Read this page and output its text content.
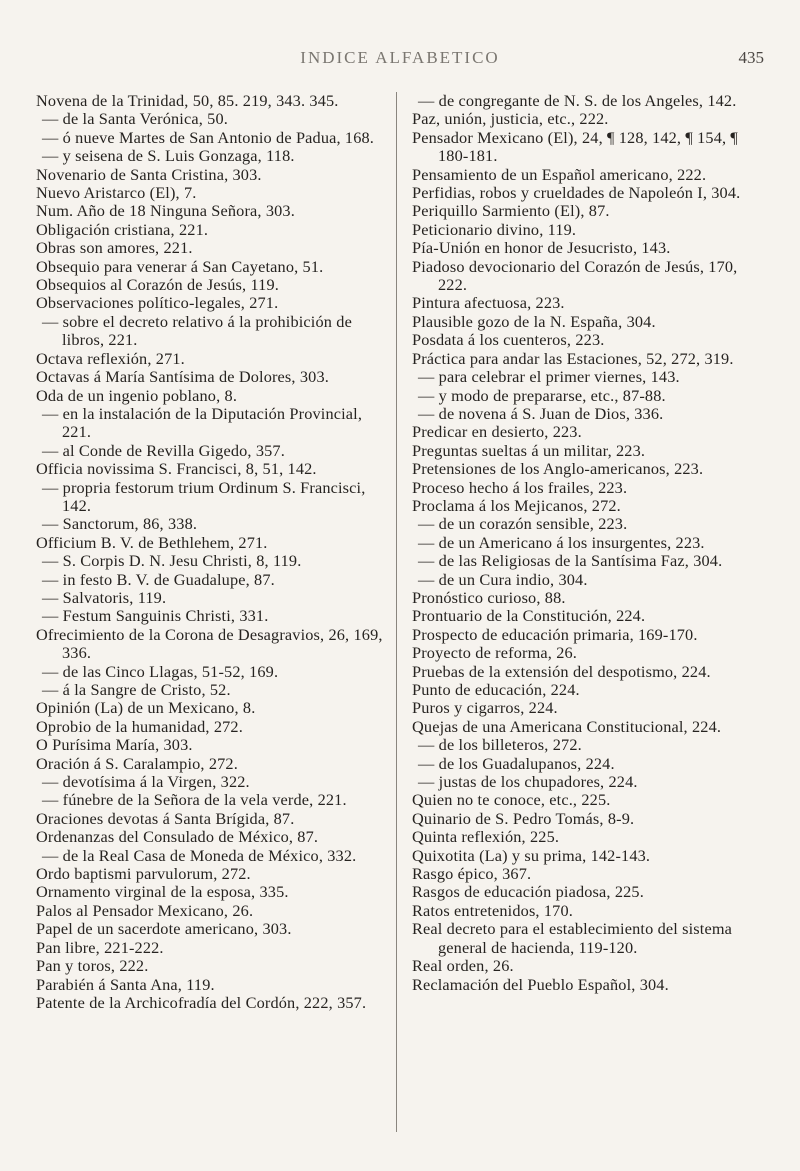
INDICE ALFABETICO	435

Novena de la Trinidad, 50, 85. 219, 343. 345.

— de la Santa Verónica, 50.

— ó nueve Martes de San Antonio de Padua, 168.

— y seisena de S. Luis Gonzaga, 118.

Novenario de Santa Cristina, 303.

Nuevo Aristarco (El), 7.

Num. Año de 18 Ninguna Señora, 303.

Obligación cristiana, 221.

Obras son amores, 221.

Obsequio para venerar á San Cayetano, 51.

Obsequios al Corazón de Jesús, 119.

Observaciones político-legales, 271.

— sobre el decreto relativo á la prohibición de libros, 221.

Octava reflexión, 271.

Octavas á María Santísima de Dolores, 303.

Oda de un ingenio poblano, 8.

— en la instalación de la Diputación Provincial, 221.

— al Conde de Revilla Gigedo, 357.

Officia novissima S. Francisci, 8, 51, 142.

— propria festorum trium Ordinum S. Francisci, 142.

— Sanctorum, 86, 338.

Officium B. V. de Bethlehem, 271.

— S. Corpis D. N. Jesu Christi, 8, 119.

— in festo B. V. de Guadalupe, 87.

— Salvatoris, 119.

— Festum Sanguinis Christi, 331.

Ofrecimiento de la Corona de Desagravios, 26, 169, 336.

— de las Cinco Llagas, 51-52, 169.

— á la Sangre de Cristo, 52.

Opinión (La) de un Mexicano, 8.

Oprobio de la humanidad, 272.

O Purísima María, 303.

Oración á S. Caralampio, 272.

— devotísima á la Virgen, 322.

— fúnebre de la Señora de la vela verde, 221.

Oraciones devotas á Santa Brígida, 87.

Ordenanzas del Consulado de México, 87.

— de la Real Casa de Moneda de México, 332.

Ordo baptismi parvulorum, 272.

Ornamento virginal de la esposa, 335.

Palos al Pensador Mexicano, 26.

Papel de un sacerdote americano, 303.

Pan libre, 221-222.

Pan y toros, 222.

Parabién á Santa Ana, 119.

Patente de la Archicofradía del Cordón, 222, 357.

— de congregante de N. S. de los Angeles, 142.

Paz, unión, justicia, etc., 222.

Pensador Mexicano (El), 24, ¶ 128, 142, ¶ 154, ¶ 180-181.

Pensamiento de un Español americano, 222.

Perfidias, robos y crueldades de Napoleón I, 304.

Periquillo Sarmiento (El), 87.

Peticionario divino, 119.

Pía-Unión en honor de Jesucristo, 143.

Piadoso devocionario del Corazón de Jesús, 170, 222.

Pintura afectuosa, 223.

Plausible gozo de la N. España, 304.

Posdata á los cuenteros, 223.

Práctica para andar las Estaciones, 52, 272, 319.

— para celebrar el primer viernes, 143.

— y modo de prepararse, etc., 87-88.

— de novena á S. Juan de Dios, 336.

Predicar en desierto, 223.

Preguntas sueltas á un militar, 223.

Pretensiones de los Anglo-americanos, 223.

Proceso hecho á los frailes, 223.

Proclama á los Mejicanos, 272.

— de un corazón sensible, 223.

— de un Americano á los insurgentes, 223.

— de las Religiosas de la Santísima Faz, 304.

— de un Cura indio, 304.

Pronóstico curioso, 88.

Prontuario de la Constitución, 224.

Prospecto de educación primaria, 169-170.

Proyecto de reforma, 26.

Pruebas de la extensión del despotismo, 224.

Punto de educación, 224.

Puros y cigarros, 224.

Quejas de una Americana Constitucional, 224.

— de los billeteros, 272.

— de los Guadalupanos, 224.

— justas de los chupadores, 224.

Quien no te conoce, etc., 225.

Quinario de S. Pedro Tomás, 8-9.

Quinta reflexión, 225.

Quixotita (La) y su prima, 142-143.

Rasgo épico, 367.

Rasgos de educación piadosa, 225.

Ratos entretenidos, 170.

Real decreto para el establecimiento del sistema general de hacienda, 119-120.

Real orden, 26.

Reclamación del Pueblo Español, 304.
